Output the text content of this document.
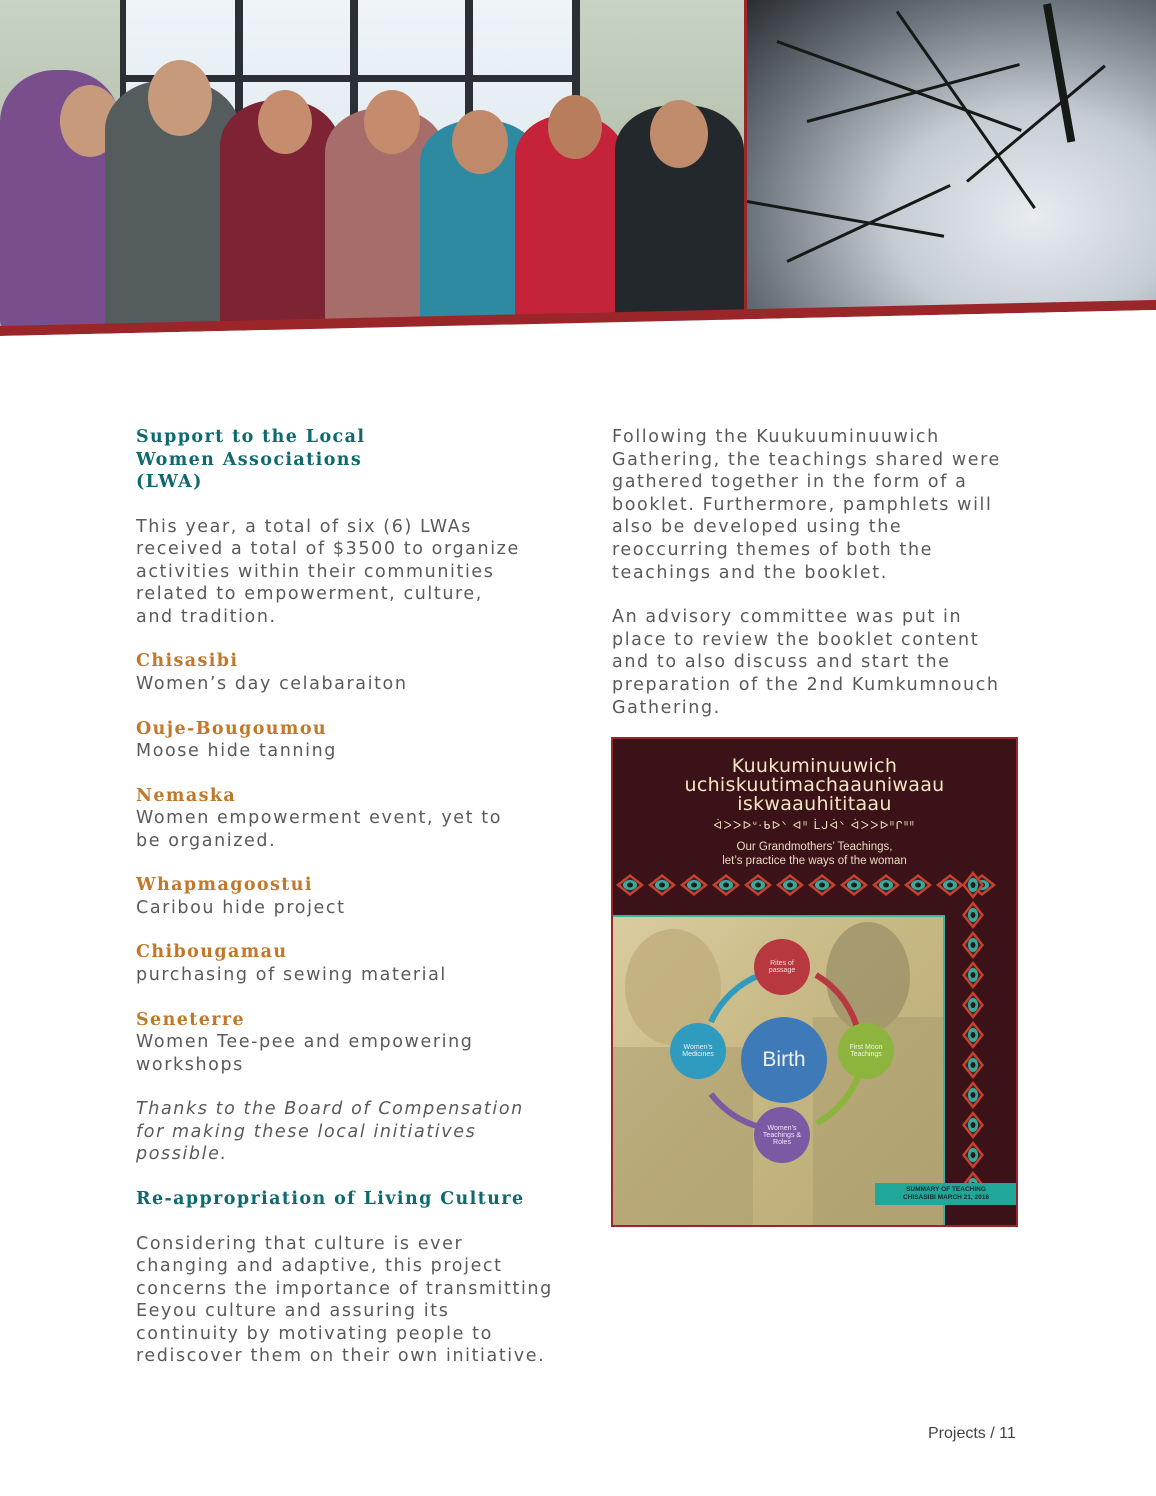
Support to the Local Women Associations (LWA)

This year, a total of six (6) LWAs received a total of $3500 to organize activities within their communities related to empowerment, culture, and tradition.

Chisasibi

Women’s day celabaraiton

Ouje-Bougoumou

Moose hide tanning

Nemaska

Women empowerment event, yet to be organized.

Whapmagoostui

Caribou hide project

Chibougamau

purchasing of sewing material

Seneterre

Women Tee-pee and empowering workshops

Thanks to the Board of Compensation for making these local initiatives possible.

Re-appropriation of Living Culture

Considering that culture is ever changing and adaptive, this project concerns the importance of transmitting Eeyou culture and assuring its continuity by motivating people to rediscover them on their own initiative.

Following the Kuukuuminuuwich Gathering, the teachings shared were gathered together in the form of a booklet. Furthermore, pamphlets will also be developed using the reoccurring themes of both the teachings and the booklet.

An advisory committee was put in place to review the booklet content and to also discuss and start the preparation of the 2nd Kumkumnouch Gathering.

Kuukuminuuwich
uchiskuutimachaauniwaau
iskwaauhititaau
ᐋᐳᐳᐅᐡ·ᑲᐅᐠ ᐊᐦ ᒫᒍᐋᐠ ᐋᐳᐳᐅᐦᒋᐦᐦ
Our Grandmothers’ Teachings,
let’s practice the ways of the woman
Birth
Rites of passage
First Moon Teachings
Women’s Teachings & Roles
Women’s Medicines
SUMMARY OF TEACHING
CHISASIBI MARCH 21, 2016
Projects / 11
